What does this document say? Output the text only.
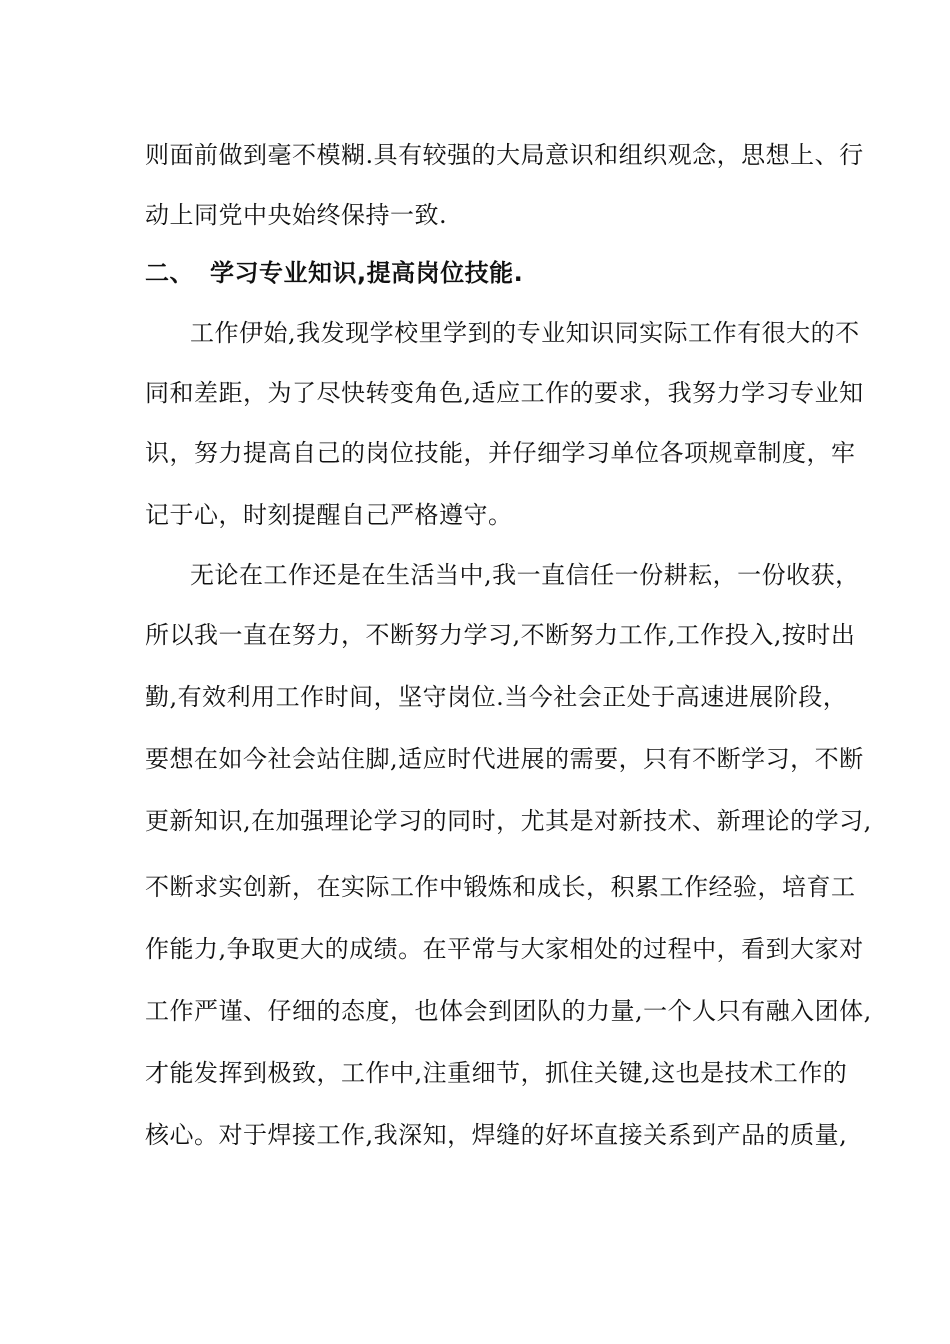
则面前做到毫不模糊.具有较强的大局意识和组织观念，思想上、行
动上同党中央始终保持一致.
二、 学习专业知识,提高岗位技能.
工作伊始,我发现学校里学到的专业知识同实际工作有很大的不
同和差距，为了尽快转变角色,适应工作的要求，我努力学习专业知
识，努力提高自己的岗位技能，并仔细学习单位各项规章制度，牢
记于心，时刻提醒自己严格遵守。
无论在工作还是在生活当中,我一直信任一份耕耘，一份收获，
所以我一直在努力，不断努力学习,不断努力工作,工作投入,按时出
勤,有效利用工作时间，坚守岗位.当今社会正处于高速进展阶段，
要想在如今社会站住脚,适应时代进展的需要，只有不断学习，不断
更新知识,在加强理论学习的同时，尤其是对新技术、新理论的学习,
不断求实创新，在实际工作中锻炼和成长，积累工作经验，培育工
作能力,争取更大的成绩。在平常与大家相处的过程中，看到大家对
工作严谨、仔细的态度，也体会到团队的力量,一个人只有融入团体,
才能发挥到极致，工作中,注重细节，抓住关键,这也是技术工作的
核心。对于焊接工作,我深知，焊缝的好坏直接关系到产品的质量,
